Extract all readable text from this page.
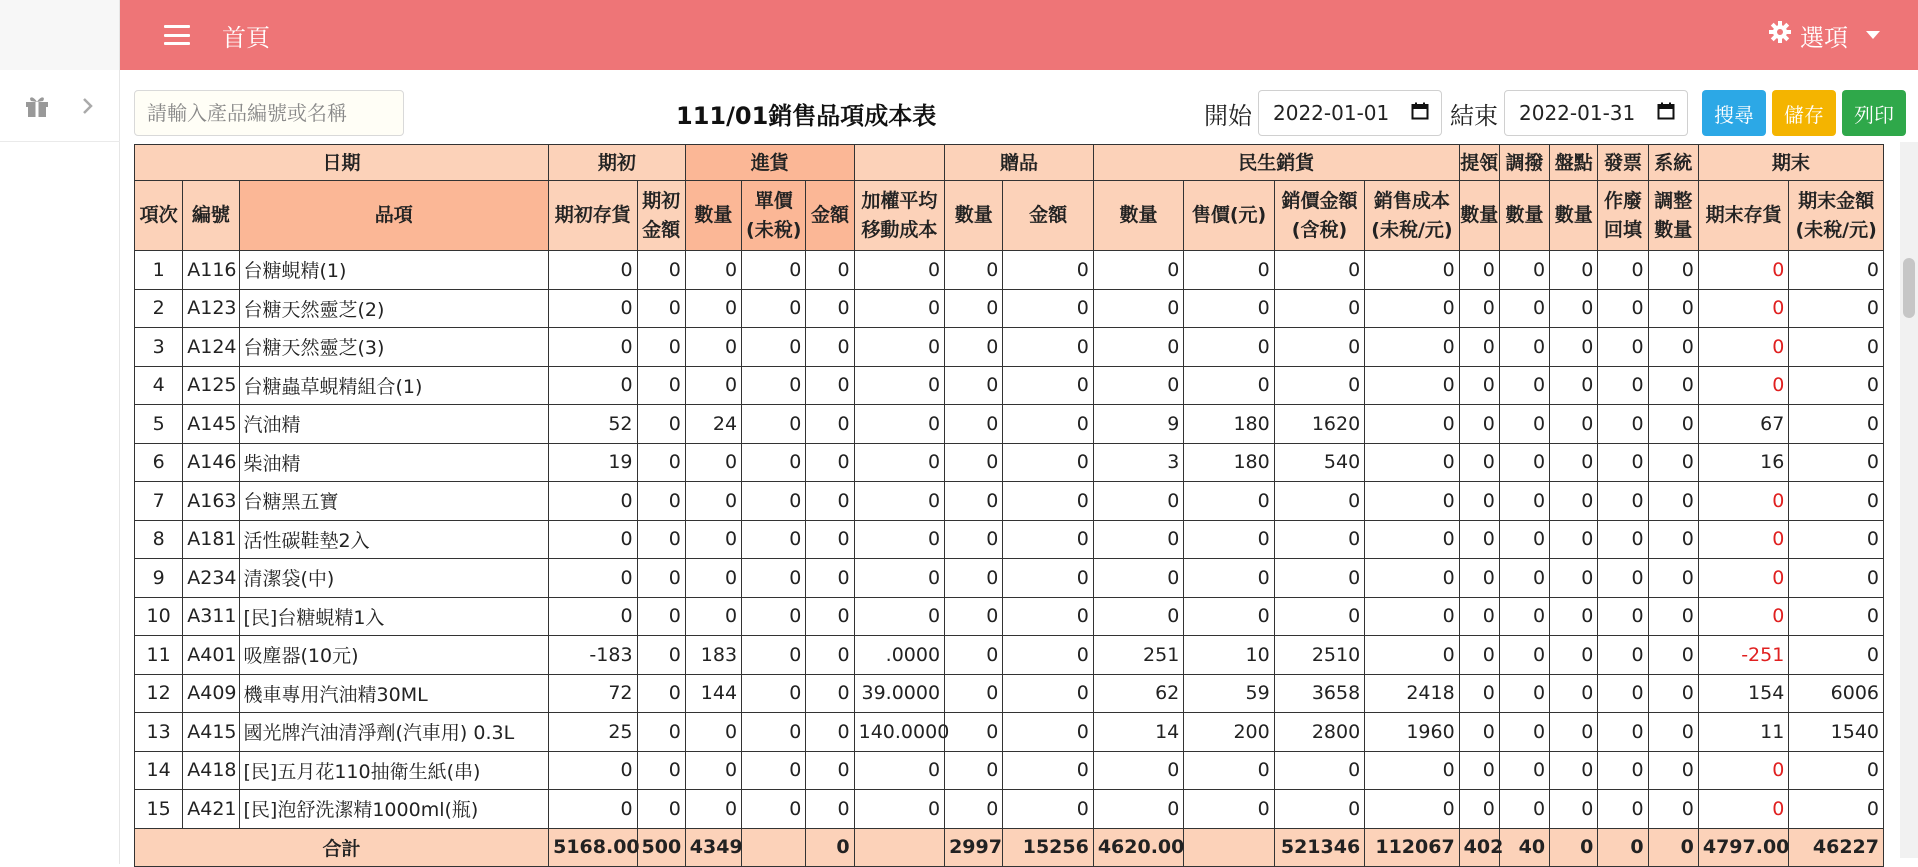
首頁	選項
請輸入產品編號或名稱
111/01銷售品項成本表	開始 2022-01-01	結束 2022-01-31	搜尋	儲存	列印
日期			期初		進貨				贈品		民生銷貨				提領	調撥	盤點	發票	系統	期末	
項次	編號	品項	期初存貨	期初金額	數量	單價(未稅)	金額	加權平均移動成本	數量	金額	數量	售價(元)	銷價金額(含稅)	銷售成本(未稅/元)	數量	數量	數量	作廢回填	調整數量	期末存貨	期末金額(未稅/元)
1	A116	台糖蜆精(1)	0	0	0	0	0	0	0	0	0	0	0	0	0	0	0	0	0	0	0
2	A123	台糖天然靈芝(2)	0	0	0	0	0	0	0	0	0	0	0	0	0	0	0	0	0	0	0
3	A124	台糖天然靈芝(3)	0	0	0	0	0	0	0	0	0	0	0	0	0	0	0	0	0	0	0
4	A125	台糖蟲草蜆精組合(1)	0	0	0	0	0	0	0	0	0	0	0	0	0	0	0	0	0	0	0
5	A145	汽油精	52	0	24	0	0	0	0	0	9	180	1620	0	0	0	0	0	0	67	0
6	A146	柴油精	19	0	0	0	0	0	0	0	3	180	540	0	0	0	0	0	0	16	0
7	A163	台糖黑五寶	0	0	0	0	0	0	0	0	0	0	0	0	0	0	0	0	0	0	0
8	A181	活性碳鞋墊2入	0	0	0	0	0	0	0	0	0	0	0	0	0	0	0	0	0	0	0
9	A234	清潔袋(中)	0	0	0	0	0	0	0	0	0	0	0	0	0	0	0	0	0	0	0
10	A311	[民]台糖蜆精1入	0	0	0	0	0	0	0	0	0	0	0	0	0	0	0	0	0	0	0
11	A401	吸塵器(10元)	-183	0	183	0	0	.0000	0	0	251	10	2510	0	0	0	0	0	0	-251	0
12	A409	機車專用汽油精30ML	72	0	144	0	0	39.0000	0	0	62	59	3658	2418	0	0	0	0	0	154	6006
13	A415	國光牌汽油清淨劑(汽車用) 0.3L	25	0	0	0	0	140.0000	0	0	14	200	2800	1960	0	0	0	0	0	11	1540
14	A418	[民]五月花110抽衛生紙(串)	0	0	0	0	0	0	0	0	0	0	0	0	0	0	0	0	0	0	0
15	A421	[民]泡舒洗潔精1000ml(瓶)	0	0	0	0	0	0	0	0	0	0	0	0	0	0	0	0	0	0	0
合計			5168.00	500	4349		0		2997	15256	4620.00		521346	112067	402	40	0	0	0	4797.00	46227
